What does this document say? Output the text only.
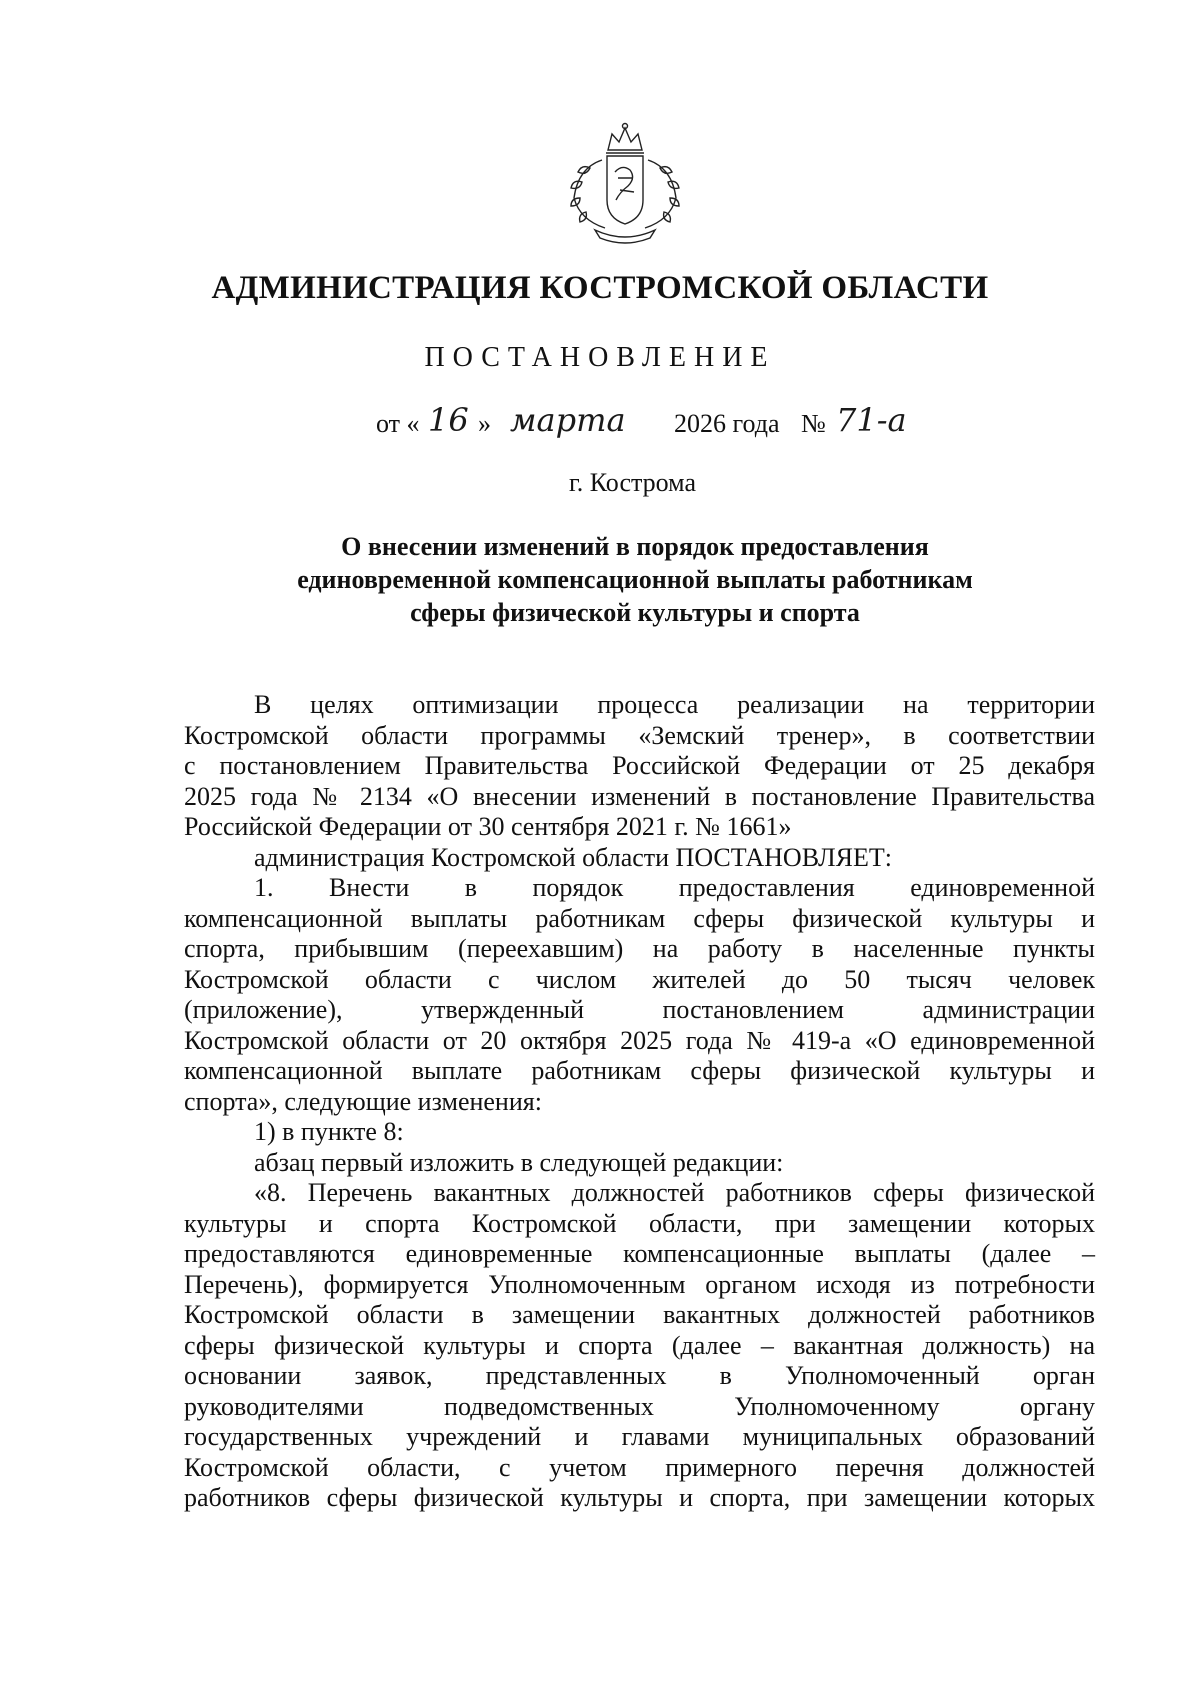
АДМИНИСТРАЦИЯ КОСТРОМСКОЙ ОБЛАСТИ
ПОСТАНОВЛЕНИЕ
от « 16 » марта 2026 года № 71-а
г. Кострома
О внесении изменений в порядок предоставления
единовременной компенсационной выплаты работникам
сферы физической культуры и спорта
В целях оптимизации процесса реализации на территории
Костромской области программы «Земский тренер», в соответствии
с постановлением Правительства Российской Федерации от 25 декабря
2025 года № 2134 «О внесении изменений в постановление Правительства
Российской Федерации от 30 сентября 2021 г. № 1661»
администрация Костромской области ПОСТАНОВЛЯЕТ:
1. Внести в порядок предоставления единовременной
компенсационной выплаты работникам сферы физической культуры и
спорта, прибывшим (переехавшим) на работу в населенные пункты
Костромской области с числом жителей до 50 тысяч человек
(приложение), утвержденный постановлением администрации
Костромской области от 20 октября 2025 года № 419-а «О единовременной
компенсационной выплате работникам сферы физической культуры и
спорта», следующие изменения:
1) в пункте 8:
абзац первый изложить в следующей редакции:
«8. Перечень вакантных должностей работников сферы физической
культуры и спорта Костромской области, при замещении которых
предоставляются единовременные компенсационные выплаты (далее –
Перечень), формируется Уполномоченным органом исходя из потребности
Костромской области в замещении вакантных должностей работников
сферы физической культуры и спорта (далее – вакантная должность) на
основании заявок, представленных в Уполномоченный орган
руководителями подведомственных Уполномоченному органу
государственных учреждений и главами муниципальных образований
Костромской области, с учетом примерного перечня должностей
работников сферы физической культуры и спорта, при замещении которых
